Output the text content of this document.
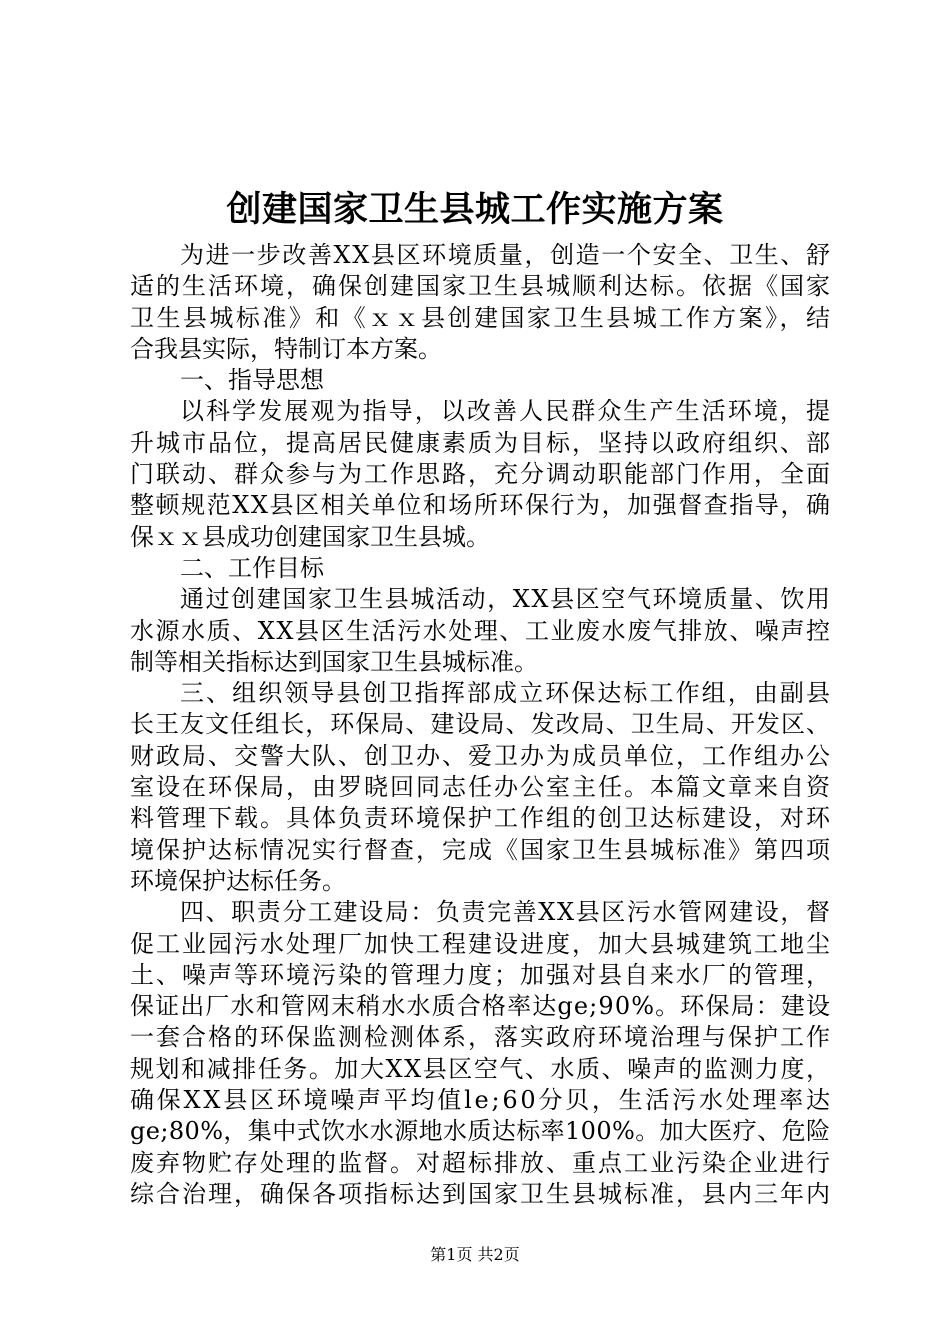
创建国家卫生县城工作实施方案
为进一步改善XX县区环境质量，创造一个安全、卫生、舒
适的生活环境，确保创建国家卫生县城顺利达标。依据《国家
卫生县城标准》和《ｘｘ县创建国家卫生县城工作方案》，结
合我县实际，特制订本方案。
一、指导思想
以科学发展观为指导，以改善人民群众生产生活环境，提
升城市品位，提高居民健康素质为目标，坚持以政府组织、部
门联动、群众参与为工作思路，充分调动职能部门作用，全面
整顿规范XX县区相关单位和场所环保行为，加强督查指导，确
保ｘｘ县成功创建国家卫生县城。
二、工作目标
通过创建国家卫生县城活动，XX县区空气环境质量、饮用
水源水质、XX县区生活污水处理、工业废水废气排放、噪声控
制等相关指标达到国家卫生县城标准。
三、组织领导县创卫指挥部成立环保达标工作组，由副县
长王友文任组长，环保局、建设局、发改局、卫生局、开发区、
财政局、交警大队、创卫办、爱卫办为成员单位，工作组办公
室设在环保局，由罗晓回同志任办公室主任。本篇文章来自资
料管理下载。具体负责环境保护工作组的创卫达标建设，对环
境保护达标情况实行督查，完成《国家卫生县城标准》第四项
环境保护达标任务。
四、职责分工建设局：负责完善XX县区污水管网建设，督
促工业园污水处理厂加快工程建设进度，加大县城建筑工地尘
土、噪声等环境污染的管理力度；加强对县自来水厂的管理，
保证出厂水和管网末稍水水质合格率达ge;90%。环保局：建设
一套合格的环保监测检测体系，落实政府环境治理与保护工作
规划和减排任务。加大XX县区空气、水质、噪声的监测力度，
确保XX县区环境噪声平均值le;60分贝，生活污水处理率达
ge;80%，集中式饮水水源地水质达标率100%。加大医疗、危险
废弃物贮存处理的监督。对超标排放、重点工业污染企业进行
综合治理，确保各项指标达到国家卫生县城标准，县内三年内
第1页 共2页
